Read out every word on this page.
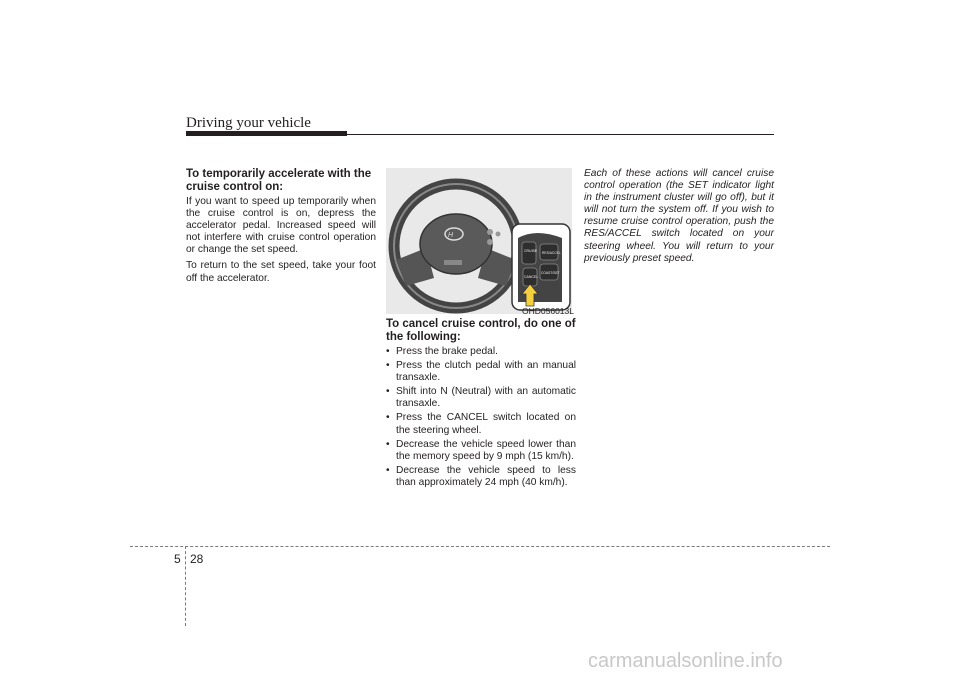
Driving your vehicle
To temporarily accelerate with the cruise control on:

If you want to speed up temporarily when the cruise control is on, depress the accelerator pedal. Increased speed will not interfere with cruise control operation or change the set speed.

To return to the set speed, take your foot off the accelerator.

H
CRUISE RES/ACCEL
COAST/SET
CANCEL
OHD056013L
To cancel cruise control, do one of the following:
• Press the brake pedal.
• Press the clutch pedal with an manual transaxle.
• Shift into N (Neutral) with an automatic transaxle.
• Press the CANCEL switch located on the steering wheel.
• Decrease the vehicle speed lower than the memory speed by 9 mph (15 km/h).
• Decrease the vehicle speed to less than approximately 24 mph (40 km/h).

Each of these actions will cancel cruise control operation (the SET indicator light in the instrument cluster will go off), but it will not turn the system off. If you wish to resume cruise control operation, push the RES/ACCEL switch located on your steering wheel. You will return to your previously preset speed.

5 28
carmanualsonline.info
